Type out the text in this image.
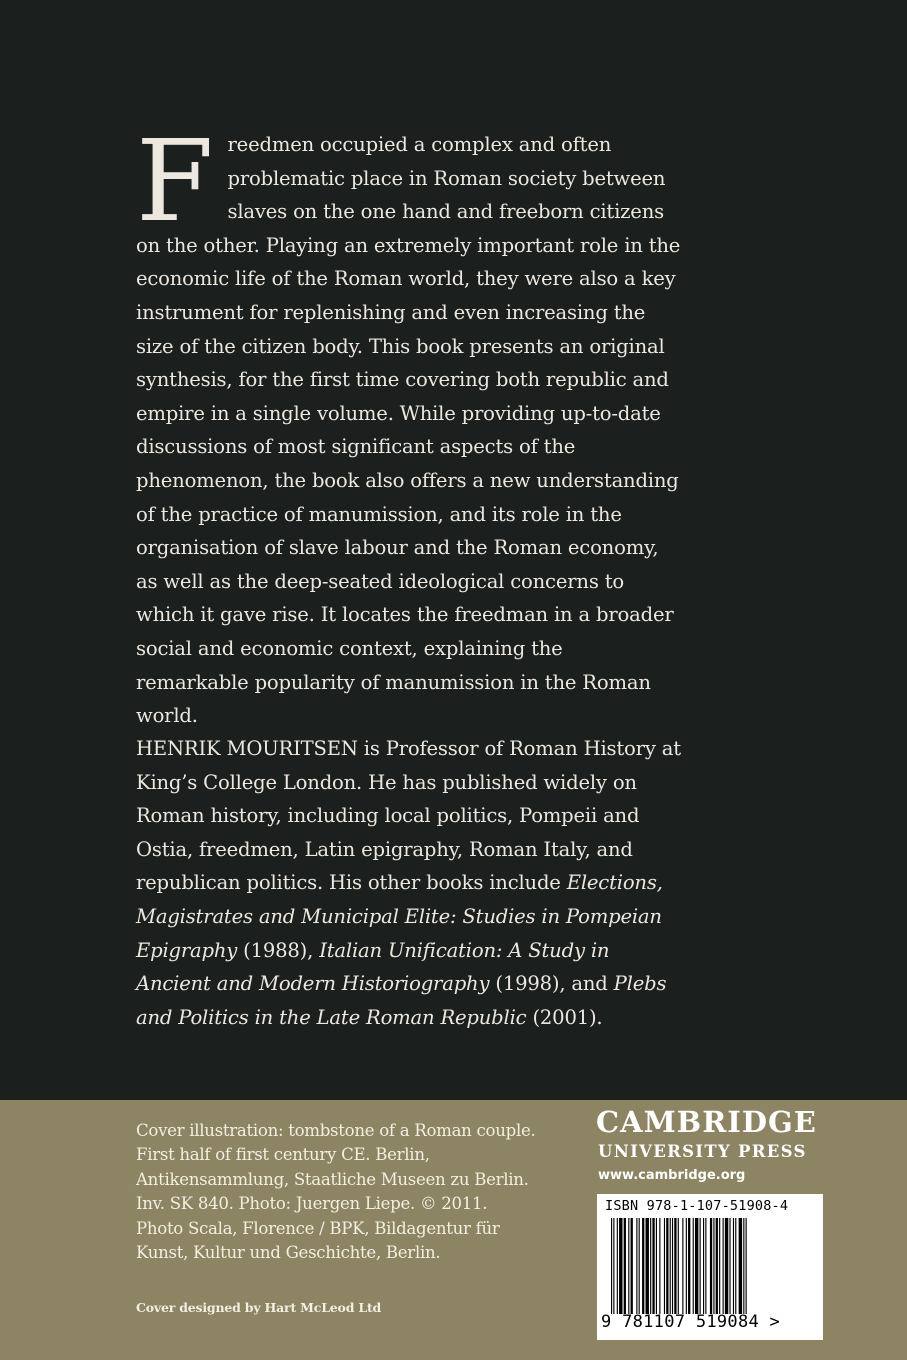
Freedmen occupied a complex and often problematic place in Roman society between slaves on the one hand and freeborn citizens on the other. Playing an extremely important role in the economic life of the Roman world, they were also a key instrument for replenishing and even increasing the size of the citizen body. This book presents an original synthesis, for the first time covering both republic and empire in a single volume. While providing up-to-date discussions of most significant aspects of the phenomenon, the book also offers a new understanding of the practice of manumission, and its role in the organisation of slave labour and the Roman economy, as well as the deep-seated ideological concerns to which it gave rise. It locates the freedman in a broader social and economic context, explaining the remarkable popularity of manumission in the Roman world.

HENRIK MOURITSEN is Professor of Roman History at King’s College London. He has published widely on Roman history, including local politics, Pompeii and Ostia, freedmen, Latin epigraphy, Roman Italy, and republican politics. His other books include Elections, Magistrates and Municipal Elite: Studies in Pompeian Epigraphy (1988), Italian Unification: A Study in Ancient and Modern Historiography (1998), and Plebs and Politics in the Late Roman Republic (2001).

Cover illustration: tombstone of a Roman couple. First half of first century CE. Berlin, Antikensammlung, Staatliche Museen zu Berlin. Inv. SK 840. Photo: Juergen Liepe. © 2011. Photo Scala, Florence / BPK, Bildagentur für Kunst, Kultur und Geschichte, Berlin.
Cover designed by Hart McLeod Ltd
CAMBRIDGE
UNIVERSITY PRESS
www.cambridge.org
ISBN 978-1-107-51908-4
9 781107 519084 >
